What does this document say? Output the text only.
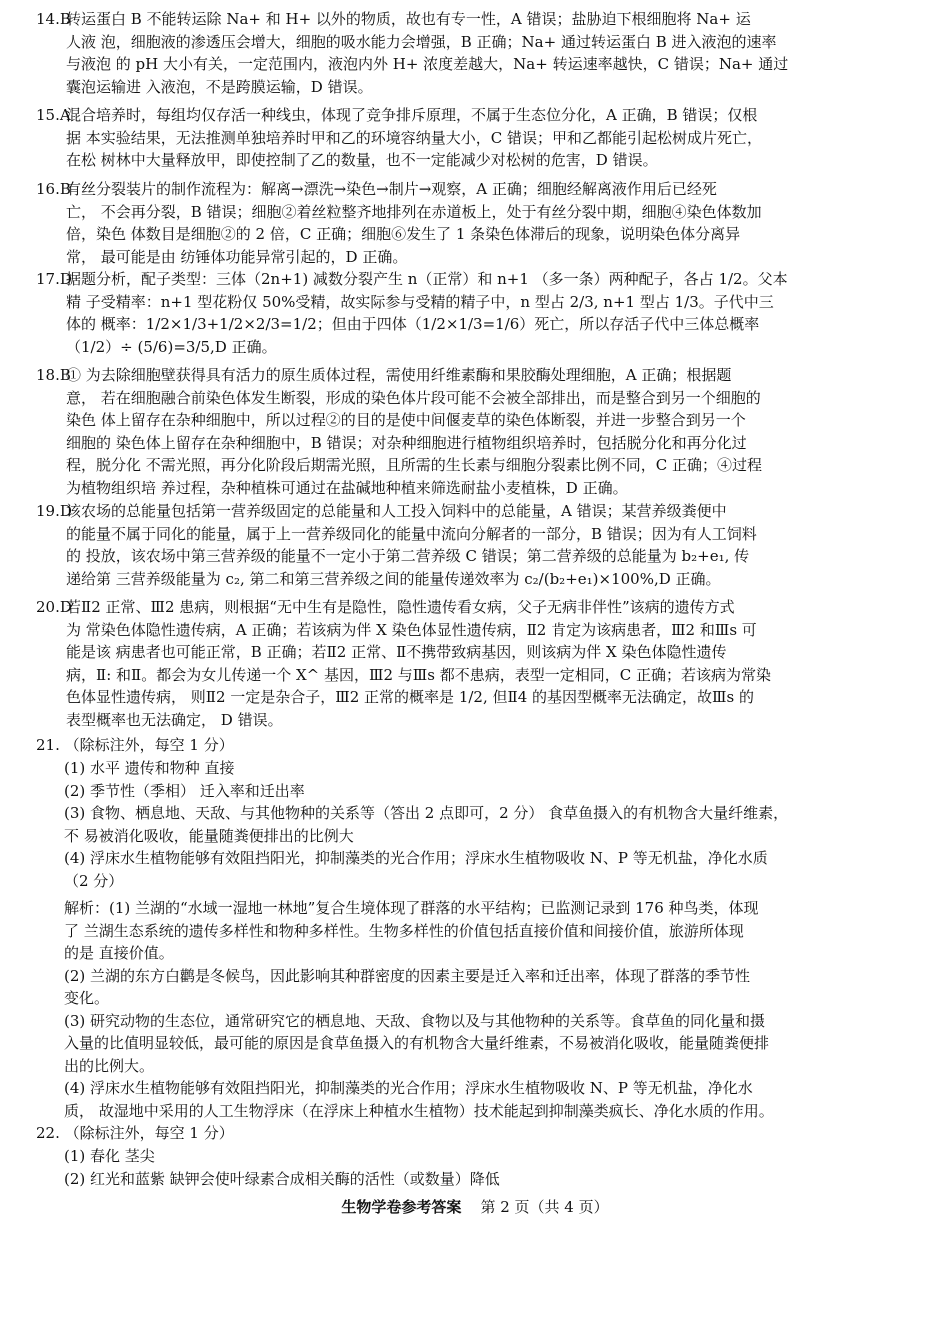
14.B
转运蛋白 B 不能转运除 Na+ 和 H+ 以外的物质，故也有专一性，A 错误；盐胁迫下根细胞将 Na+ 运
人液 泡，细胞液的渗透压会增大，细胞的吸水能力会增强，B 正确；Na+ 通过转运蛋白 B 进入液泡的速率
与液泡 的 pH 大小有关，一定范围内，液泡内外 H+ 浓度差越大，Na+ 转运速率越快，C 错误；Na+ 通过
囊泡运输进 入液泡，不是跨膜运输，D 错误。
15.A
混合培养时，每组均仅存活一种线虫，体现了竞争排斥原理，不属于生态位分化，A 正确，B 错误；仅根
据 本实验结果，无法推测单独培养时甲和乙的环境容纳量大小，C 错误；甲和乙都能引起松树成片死亡，
在松 树林中大量释放甲，即使控制了乙的数量，也不一定能减少对松树的危害，D 错误。
16.B
有丝分裂装片的制作流程为：解离→漂洗→染色→制片→观察，A 正确；细胞经解离液作用后已经死
亡， 不会再分裂，B 错误；细胞②着丝粒整齐地排列在赤道板上，处于有丝分裂中期，细胞④染色体数加
倍，染色 体数目是细胞②的 2 倍，C 正确；细胞⑥发生了 1 条染色体滞后的现象，说明染色体分离异
常， 最可能是由 纺锤体功能异常引起的，D 正确。
17.D
据题分析，配子类型：三体（2n+1) 减数分裂产生 n（正常）和 n+1 （多一条）两种配子，各占 1/2。父本
精 子受精率：n+1 型花粉仅 50%受精，故实际参与受精的精子中，n 型占 2/3, n+1 型占 1/3。子代中三
体的 概率：1/2×1/3+1/2×2/3=1/2；但由于四体（1/2×1/3=1/6）死亡，所以存活子代中三体总概率
（1/2）÷ (5/6)=3/5,D 正确。
18.B
① 为去除细胞壁获得具有活力的原生质体过程，需使用纤维素酶和果胶酶处理细胞，A 正确；根据题
意， 若在细胞融合前染色体发生断裂，形成的染色体片段可能不会被全部排出，而是整合到另一个细胞的
染色 体上留存在杂种细胞中，所以过程②的目的是使中间偃麦草的染色体断裂，并进一步整合到另一个
细胞的 染色体上留存在杂种细胞中，B 错误；对杂种细胞进行植物组织培养时，包括脱分化和再分化过
程，脱分化 不需光照，再分化阶段后期需光照，且所需的生长素与细胞分裂素比例不同，C 正确；④过程
为植物组织培 养过程，杂种植株可通过在盐碱地种植来筛选耐盐小麦植株，D 正确。
19.D
该农场的总能量包括第一营养级固定的总能量和人工投入饲料中的总能量，A 错误；某营养级粪便中
的能量不属于同化的能量，属于上一营养级同化的能量中流向分解者的一部分，B 错误；因为有人工饲料
的 投放，该农场中第三营养级的能量不一定小于第二营养级 C 错误；第二营养级的总能量为 b₂+e₁, 传
递给第 三营养级能量为 c₂, 第二和第三营养级之间的能量传递效率为 c₂/(b₂+e₁)×100%,D 正确。
20.D
若Ⅱ2 正常、Ⅲ2 患病，则根据“无中生有是隐性，隐性遗传看女病，父子无病非伴性”该病的遗传方式
为 常染色体隐性遗传病，A 正确；若该病为伴 X 染色体显性遗传病，Ⅱ2 肯定为该病患者，Ⅲ2 和Ⅲs 可
能是该 病患者也可能正常，B 正确；若Ⅱ2 正常、Ⅱ不携带致病基因，则该病为伴 X 染色体隐性遗传
病，Ⅱ: 和Ⅱ。都会为女儿传递一个 X^ 基因，Ⅲ2 与Ⅲs 都不患病，表型一定相同，C 正确；若该病为常染
色体显性遗传病， 则Ⅱ2 一定是杂合子，Ⅲ2 正常的概率是 1/2, 但Ⅱ4 的基因型概率无法确定，故Ⅲs 的
表型概率也无法确定， D 错误。
21. （除标注外，每空 1 分）
(1) 水平 遗传和物种 直接
(2) 季节性（季相） 迁入率和迁出率
(3) 食物、栖息地、天敌、与其他物种的关系等（答出 2 点即可，2 分） 食草鱼摄入的有机物含大量纤维素，
不 易被消化吸收，能量随粪便排出的比例大
(4) 浮床水生植物能够有效阻挡阳光，抑制藻类的光合作用；浮床水生植物吸收 N、P 等无机盐，净化水质
（2 分）
解析：(1) 兰湖的“水域一湿地一林地”复合生境体现了群落的水平结构；已监测记录到 176 种鸟类，体现
了 兰湖生态系统的遗传多样性和物种多样性。生物多样性的价值包括直接价值和间接价值，旅游所体现
的是 直接价值。
(2) 兰湖的东方白鹳是冬候鸟，因此影响其种群密度的因素主要是迁入率和迁出率，体现了群落的季节性
变化。
(3) 研究动物的生态位，通常研究它的栖息地、天敌、食物以及与其他物种的关系等。食草鱼的同化量和摄
入量的比值明显较低，最可能的原因是食草鱼摄入的有机物含大量纤维素，不易被消化吸收，能量随粪便排
出的比例大。
(4) 浮床水生植物能够有效阻挡阳光，抑制藻类的光合作用；浮床水生植物吸收 N、P 等无机盐，净化水
质， 故湿地中采用的人工生物浮床（在浮床上种植水生植物）技术能起到抑制藻类疯长、净化水质的作用。
22. （除标注外，每空 1 分）
(1) 春化 茎尖
(2) 红光和蓝紫 缺钾会使叶绿素合成相关酶的活性（或数量）降低
生物学卷参考答案 第 2 页（共 4 页）
